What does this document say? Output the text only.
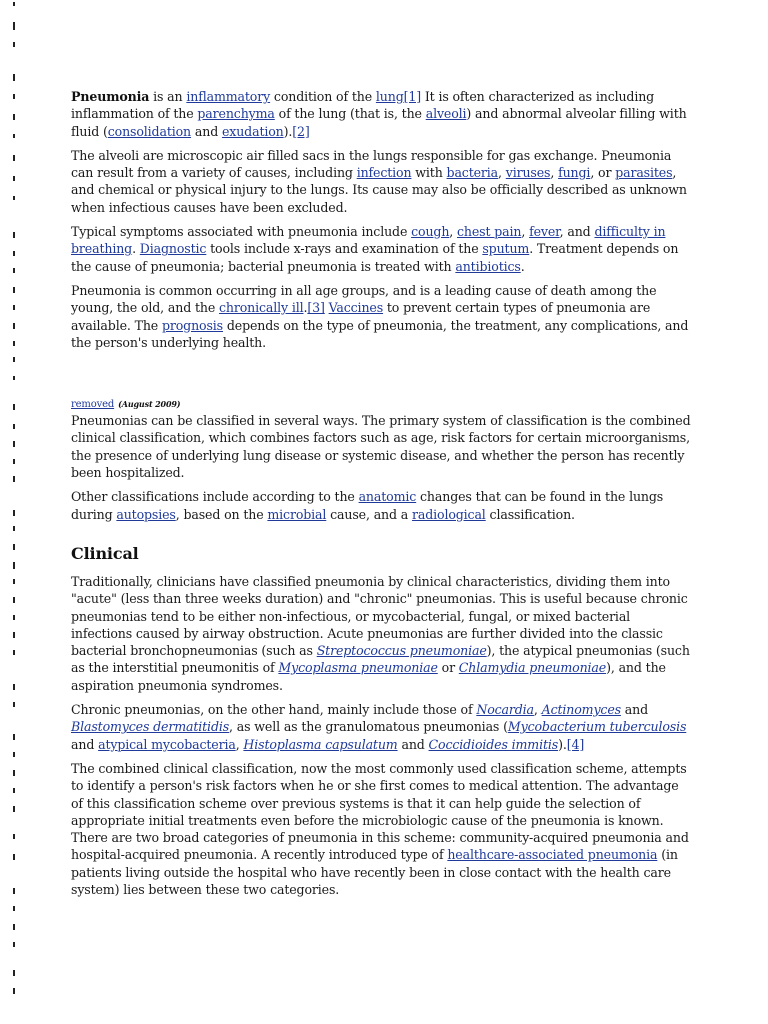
Pneumonia is an inflammatory condition of the lung[1] It is often characterized as including inflammation of the parenchyma of the lung (that is, the alveoli) and abnormal alveolar filling with fluid (consolidation and exudation).[2]

The alveoli are microscopic air filled sacs in the lungs responsible for gas exchange. Pneumonia can result from a variety of causes, including infection with bacteria, viruses, fungi, or parasites, and chemical or physical injury to the lungs. Its cause may also be officially described as unknown when infectious causes have been excluded.

Typical symptoms associated with pneumonia include cough, chest pain, fever, and difficulty in breathing. Diagnostic tools include x-rays and examination of the sputum. Treatment depends on the cause of pneumonia; bacterial pneumonia is treated with antibiotics.

Pneumonia is common occurring in all age groups, and is a leading cause of death among the young, the old, and the chronically ill.[3] Vaccines to prevent certain types of pneumonia are available. The prognosis depends on the type of pneumonia, the treatment, any complications, and the person's underlying health.

removed (August 2009)

Pneumonias can be classified in several ways. The primary system of classification is the combined clinical classification, which combines factors such as age, risk factors for certain microorganisms, the presence of underlying lung disease or systemic disease, and whether the person has recently been hospitalized.

Other classifications include according to the anatomic changes that can be found in the lungs during autopsies, based on the microbial cause, and a radiological classification.

Clinical

Traditionally, clinicians have classified pneumonia by clinical characteristics, dividing them into "acute" (less than three weeks duration) and "chronic" pneumonias. This is useful because chronic pneumonias tend to be either non-infectious, or mycobacterial, fungal, or mixed bacterial infections caused by airway obstruction. Acute pneumonias are further divided into the classic bacterial bronchopneumonias (such as Streptococcus pneumoniae), the atypical pneumonias (such as the interstitial pneumonitis of Mycoplasma pneumoniae or Chlamydia pneumoniae), and the aspiration pneumonia syndromes.

Chronic pneumonias, on the other hand, mainly include those of Nocardia, Actinomyces and Blastomyces dermatitidis, as well as the granulomatous pneumonias (Mycobacterium tuberculosis and atypical mycobacteria, Histoplasma capsulatum and Coccidioides immitis).[4]

The combined clinical classification, now the most commonly used classification scheme, attempts to identify a person's risk factors when he or she first comes to medical attention. The advantage of this classification scheme over previous systems is that it can help guide the selection of appropriate initial treatments even before the microbiologic cause of the pneumonia is known. There are two broad categories of pneumonia in this scheme: community-acquired pneumonia and hospital-acquired pneumonia. A recently introduced type of healthcare-associated pneumonia (in patients living outside the hospital who have recently been in close contact with the health care system) lies between these two categories.
